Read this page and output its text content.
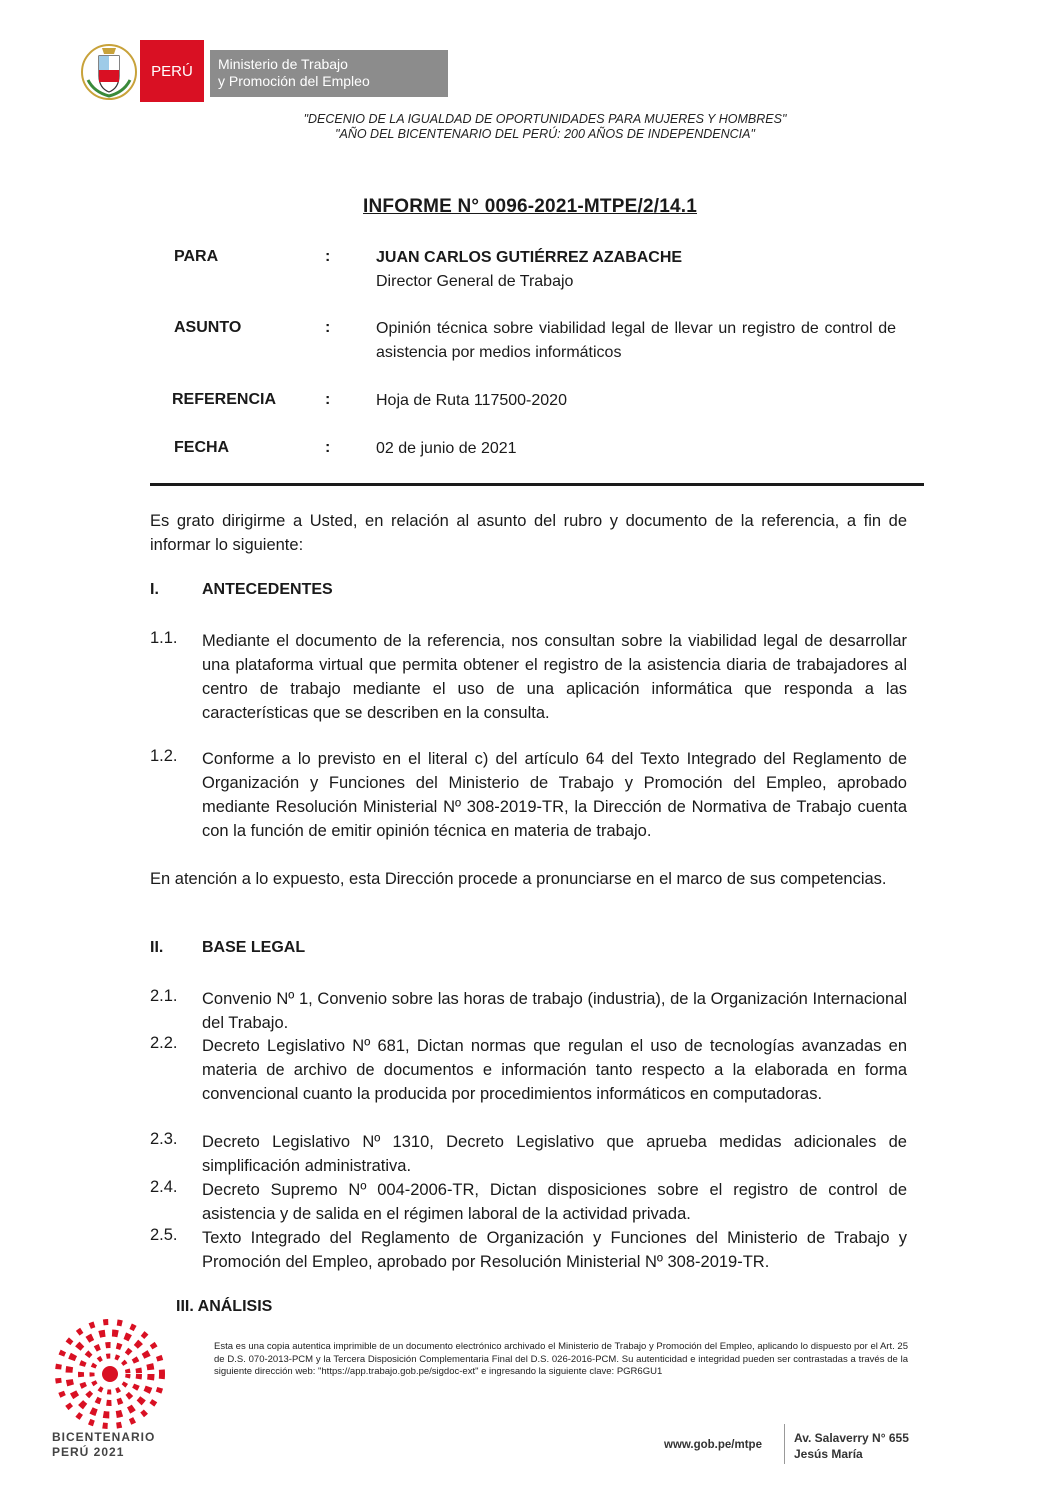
PERÚ Ministerio de Trabajo
y Promoción del Empleo
"DECENIO DE LA IGUALDAD DE OPORTUNIDADES PARA MUJERES Y HOMBRES"
"AÑO DEL BICENTENARIO DEL PERÚ: 200 AÑOS DE INDEPENDENCIA"
INFORME N° 0096-2021-MTPE/2/14.1
PARA	:	JUAN CARLOS GUTIÉRREZ AZABACHE
Director General de Trabajo
ASUNTO	:	Opinión técnica sobre viabilidad legal de llevar un registro de control de asistencia por medios informáticos
REFERENCIA	:	Hoja de Ruta 117500-2020
FECHA	:	02 de junio de 2021
Es grato dirigirme a Usted, en relación al asunto del rubro y documento de la referencia, a fin de informar lo siguiente:
I.	ANTECEDENTES
1.1. Mediante el documento de la referencia, nos consultan sobre la viabilidad legal de desarrollar una plataforma virtual que permita obtener el registro de la asistencia diaria de trabajadores al centro de trabajo mediante el uso de una aplicación informática que responda a las características que se describen en la consulta.
1.2. Conforme a lo previsto en el literal c) del artículo 64 del Texto Integrado del Reglamento de Organización y Funciones del Ministerio de Trabajo y Promoción del Empleo, aprobado mediante Resolución Ministerial Nº 308-2019-TR, la Dirección de Normativa de Trabajo cuenta con la función de emitir opinión técnica en materia de trabajo.
En atención a lo expuesto, esta Dirección procede a pronunciarse en el marco de sus competencias.
II. BASE LEGAL
2.1. Convenio Nº 1, Convenio sobre las horas de trabajo (industria), de la Organización Internacional del Trabajo.
2.2. Decreto Legislativo Nº 681, Dictan normas que regulan el uso de tecnologías avanzadas en materia de archivo de documentos e información tanto respecto a la elaborada en forma convencional cuanto la producida por procedimientos informáticos en computadoras.
2.3. Decreto Legislativo Nº 1310, Decreto Legislativo que aprueba medidas adicionales de simplificación administrativa.
2.4. Decreto Supremo Nº 004-2006-TR, Dictan disposiciones sobre el registro de control de asistencia y de salida en el régimen laboral de la actividad privada.
2.5. Texto Integrado del Reglamento de Organización y Funciones del Ministerio de Trabajo y Promoción del Empleo, aprobado por Resolución Ministerial Nº 308-2019-TR.
III. ANÁLISIS
BICENTENARIO
PERÚ 2021
Esta es una copia autentica imprimible de un documento electrónico archivado el Ministerio de Trabajo y Promoción del Empleo, aplicando lo dispuesto por el Art. 25 de D.S. 070-2013-PCM y la Tercera Disposición Complementaria Final del D.S. 026-2016-PCM. Su autenticidad e integridad pueden ser contrastadas a través de la siguiente dirección web: "https://app.trabajo.gob.pe/sigdoc-ext" e ingresando la siguiente clave: PGR6GU1
www.gob.pe/mtpe	Av. Salaverry N° 655
Jesús María
